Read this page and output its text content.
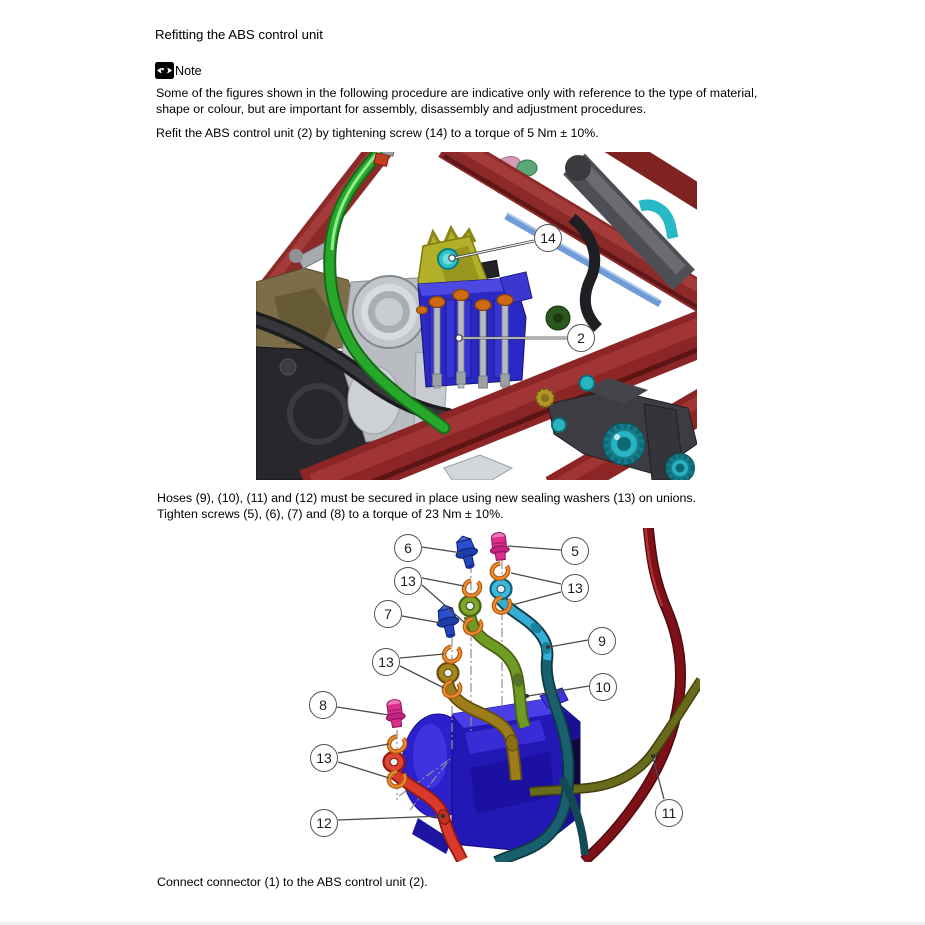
Refitting the ABS control unit
Note
Some of the figures shown in the following procedure are indicative only with reference to the type of material, shape or colour, but are important for assembly, disassembly and adjustment procedures.
Refit the ABS control unit (2) by tightening screw (14) to a torque of 5 Nm ± 10%.
14
2
Hoses (9), (10), (11) and (12) must be secured in place using new sealing washers (13) on unions.
Tighten screws (5), (6), (7) and (8) to a torque of 23 Nm ± 10%.
6	5
13	13
7
9
13
10
8
13
11
12
Connect connector (1) to the ABS control unit (2).
